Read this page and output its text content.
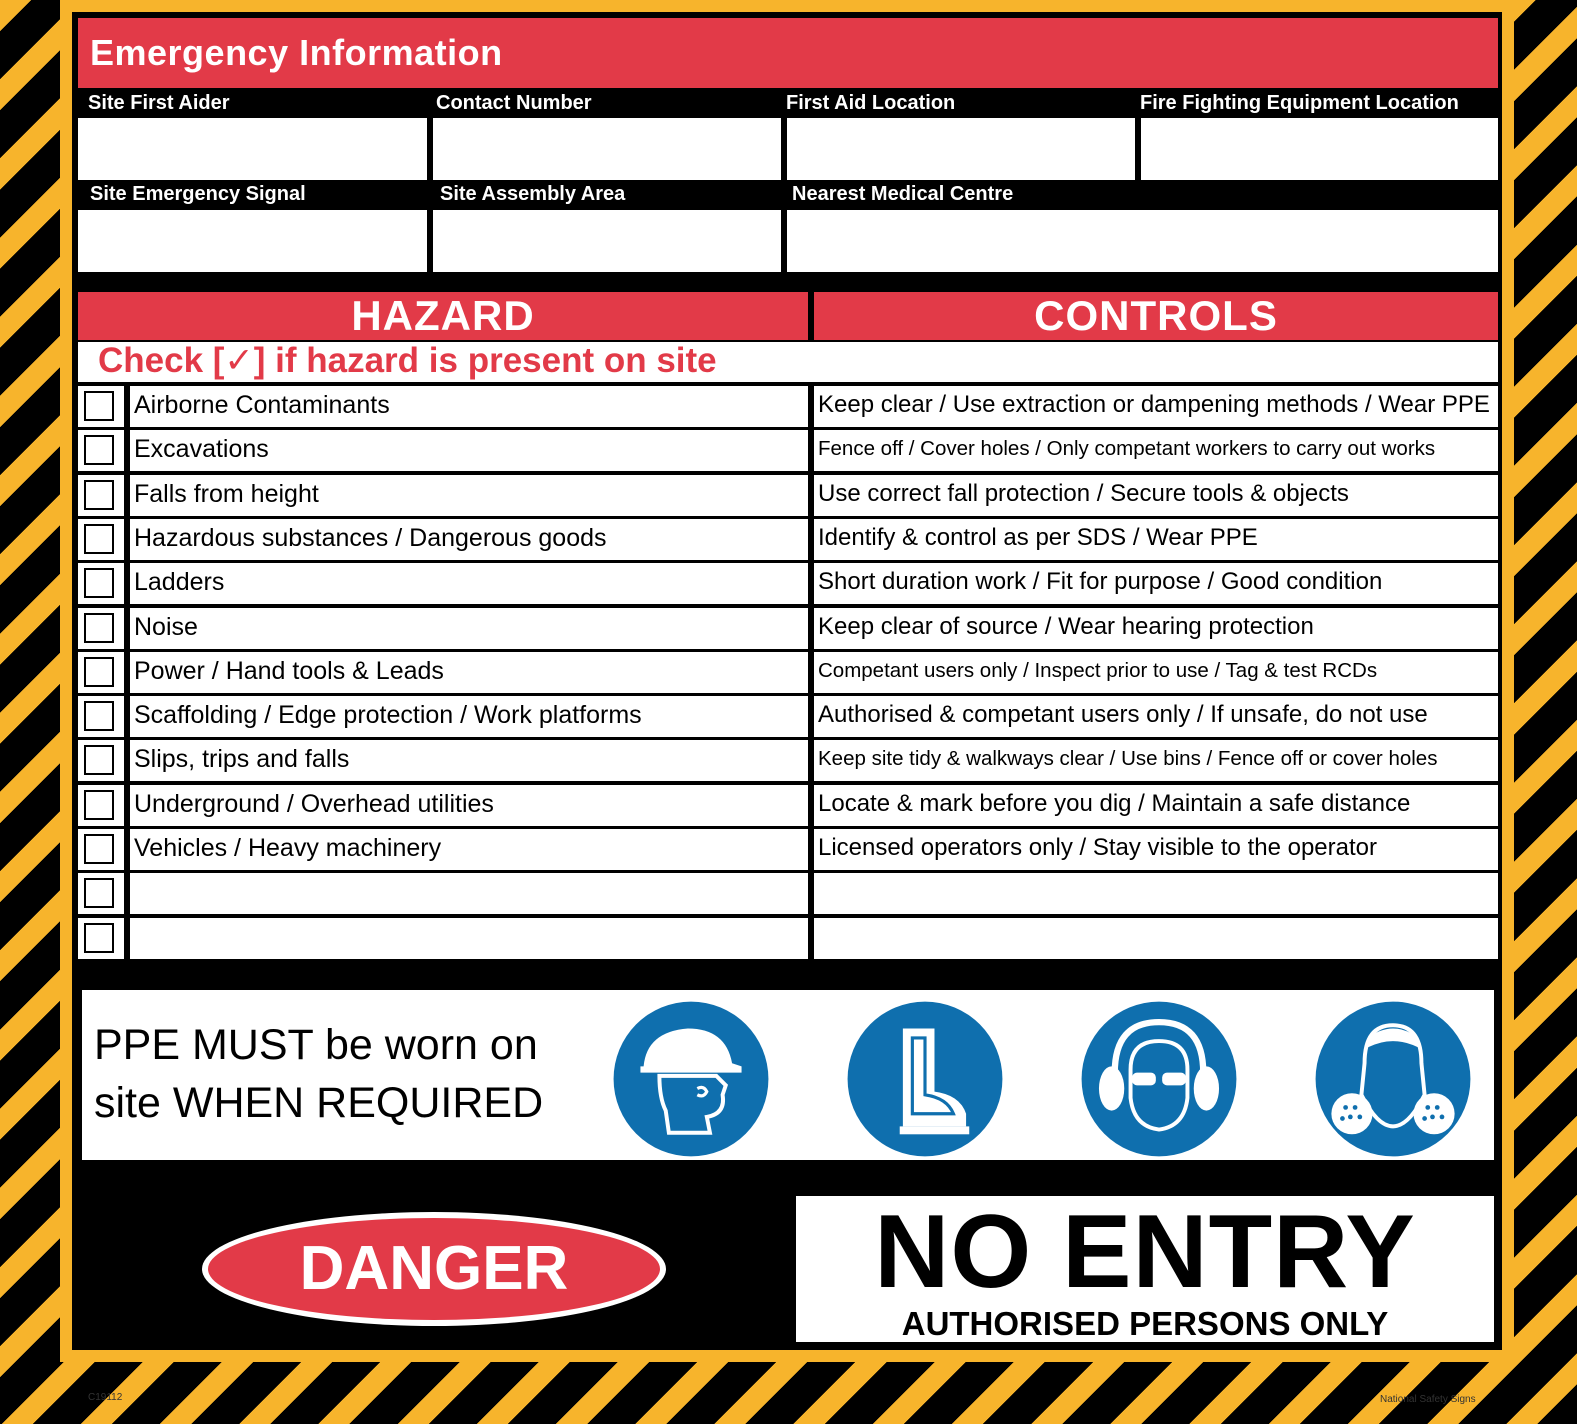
Emergency Information
Site First Aider	Contact Number	First Aid Location	Fire Fighting Equipment Location
Site Emergency Signal	Site Assembly Area	Nearest Medical Centre
HAZARD	CONTROLS
Check [✓] if hazard is present on site
Airborne Contaminants	Keep clear / Use extraction or dampening methods / Wear PPE
Excavations	Fence off / Cover holes / Only competant workers to carry out works
Falls from height	Use correct fall protection / Secure tools & objects
Hazardous substances / Dangerous goods	Identify & control as per SDS / Wear PPE
Ladders	Short duration work / Fit for purpose / Good condition
Noise	Keep clear of source / Wear hearing protection
Power / Hand tools & Leads	Competant users only / Inspect prior to use / Tag & test RCDs
Scaffolding / Edge protection / Work platforms	Authorised & competant users only / If unsafe, do not use
Slips, trips and falls	Keep site tidy & walkways clear / Use bins / Fence off or cover holes
Underground / Overhead utilities	Locate & mark before you dig / Maintain a safe distance
Vehicles / Heavy machinery	Licensed operators only / Stay visible to the operator
PPE MUST be worn on
site WHEN REQUIRED
DANGER	NO ENTRY
AUTHORISED PERSONS ONLY
C19112	National Safety Signs
